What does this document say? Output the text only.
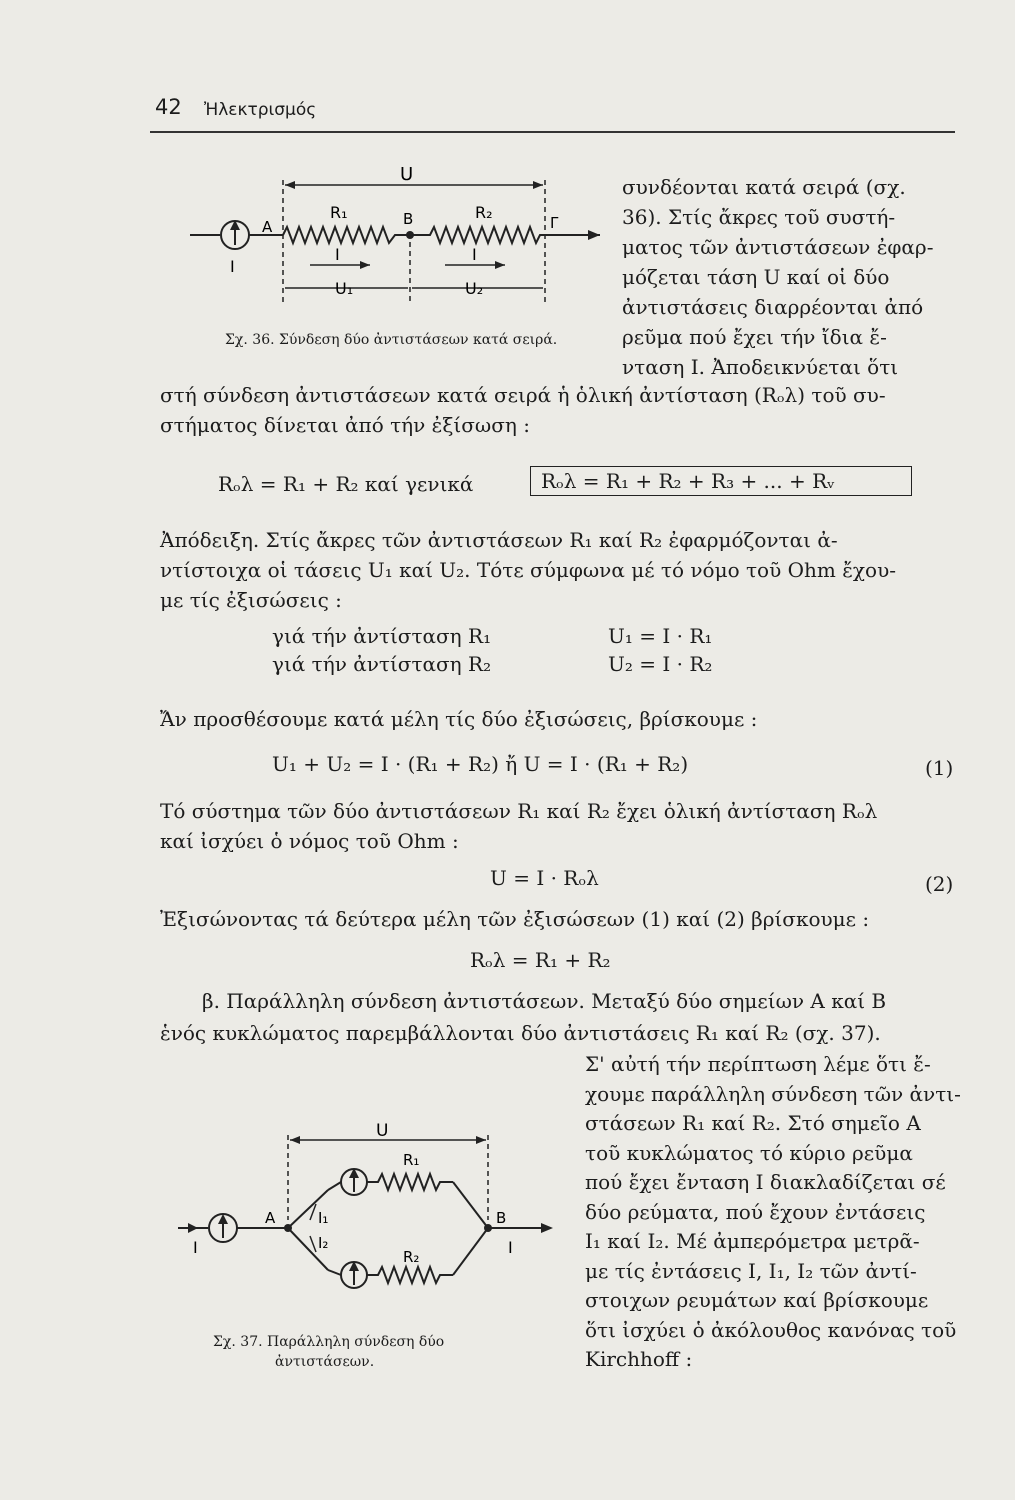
42 Ἠλεκτρισμός
U
R₁	R₂
A	B	Γ
I
I	I
U₁	U₂
Σχ. 36. Σύνδεση δύο ἀντιστάσεων κατά σειρά.
συνδέονται κατά σειρά (σχ.
36). Στίς ἄκρες τοῦ συστή-
ματος τῶν ἀντιστάσεων ἐφαρ-
μόζεται τάση U καί οἱ δύο
ἀντιστάσεις διαρρέονται ἀπό
ρεῦμα πού ἔχει τήν ἴδια ἔ-
νταση I. Ἀποδεικνύεται ὅτι
στή σύνδεση ἀντιστάσεων κατά σειρά ἡ ὁλική ἀντίσταση (Rₒλ) τοῦ συ-
στήματος δίνεται ἀπό τήν ἐξίσωση :
Rₒλ = R₁ + R₂ καί γενικά	Rₒλ = R₁ + R₂ + R₃ + ... + Rᵥ
Ἀπόδειξη. Στίς ἄκρες τῶν ἀντιστάσεων R₁ καί R₂ ἐφαρμόζονται ἀ-
ντίστοιχα οἱ τάσεις U₁ καί U₂. Τότε σύμφωνα μέ τό νόμο τοῦ Ohm ἔχου-
με τίς ἐξισώσεις :
γιά τήν ἀντίσταση R₁	U₁ = I · R₁
γιά τήν ἀντίσταση R₂	U₂ = I · R₂
Ἄν προσθέσουμε κατά μέλη τίς δύο ἐξισώσεις, βρίσκουμε :
U₁ + U₂ = I · (R₁ + R₂) ἤ U = I · (R₁ + R₂)	(1)
Τό σύστημα τῶν δύο ἀντιστάσεων R₁ καί R₂ ἔχει ὁλική ἀντίσταση Rₒλ
καί ἰσχύει ὁ νόμος τοῦ Ohm :
U = I · Rₒλ	(2)
Ἐξισώνοντας τά δεύτερα μέλη τῶν ἐξισώσεων (1) καί (2) βρίσκουμε :
Rₒλ = R₁ + R₂
β. Παράλληλη σύνδεση ἀντιστάσεων. Μεταξύ δύο σημείων A καί B
ἑνός κυκλώματος παρεμβάλλονται δύο ἀντιστάσεις R₁ καί R₂ (σχ. 37).
Σ' αὐτή τήν περίπτωση λέμε ὅτι ἔ-
χουμε παράλληλη σύνδεση τῶν ἀντι-
στάσεων R₁ καί R₂. Στό σημεῖο A
τοῦ κυκλώματος τό κύριο ρεῦμα
πού ἔχει ἔνταση I διακλαδίζεται σέ
δύο ρεύματα, πού ἔχουν ἐντάσεις
I₁ καί I₂. Μέ ἀμπερόμετρα μετρᾶ-
με τίς ἐντάσεις I, I₁, I₂ τῶν ἀντί-
στοιχων ρευμάτων καί βρίσκουμε
ὅτι ἰσχύει ὁ ἀκόλουθος κανόνας τοῦ
Kirchhoff :
U
R₁
R₂
A	B
I	I
I₁
I₂
Σχ. 37. Παράλληλη σύνδεση δύο
ἀντιστάσεων.
